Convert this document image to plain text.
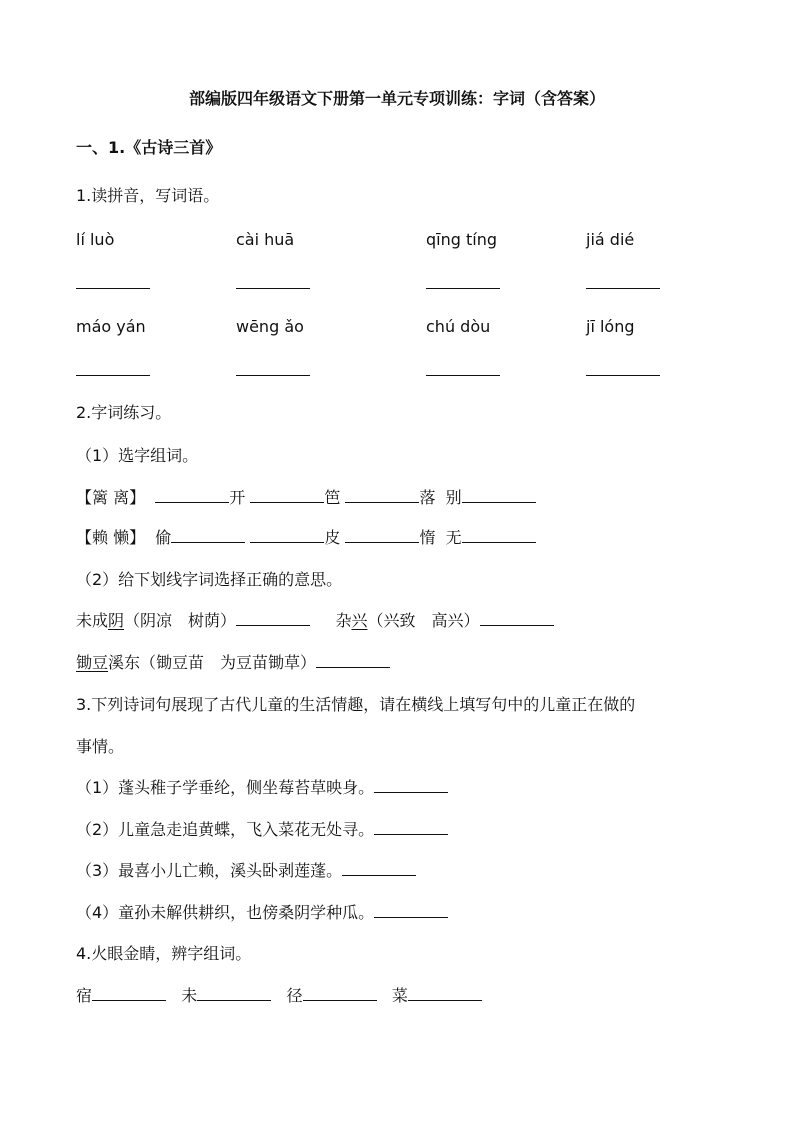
部编版四年级语文下册第一单元专项训练：字词（含答案）
一、1.《古诗三首》
1.读拼音，写词语。
lí luò	cài huā	qīng tíng	jiá dié
máo yán	wēng ǎo	chú dòu	jī lóng
2.字词练习。
（1）选字组词。
【篱 离】	开	笆	落 别
【赖 懒】 偷	皮	惰 无
（2）给下划线字词选择正确的意思。
未成阴（阴凉　树荫）	杂兴（兴致　高兴）
锄豆溪东（锄豆苗　为豆苗锄草）
3.下列诗词句展现了古代儿童的生活情趣，请在横线上填写句中的儿童正在做的
事情。
（1）蓬头稚子学垂纶，侧坐莓苔草映身。
（2）儿童急走追黄蝶，飞入菜花无处寻。
（3）最喜小儿亡赖，溪头卧剥莲蓬。
（4）童孙未解供耕织，也傍桑阴学种瓜。
4.火眼金睛，辨字组词。
宿	未	径	菜
